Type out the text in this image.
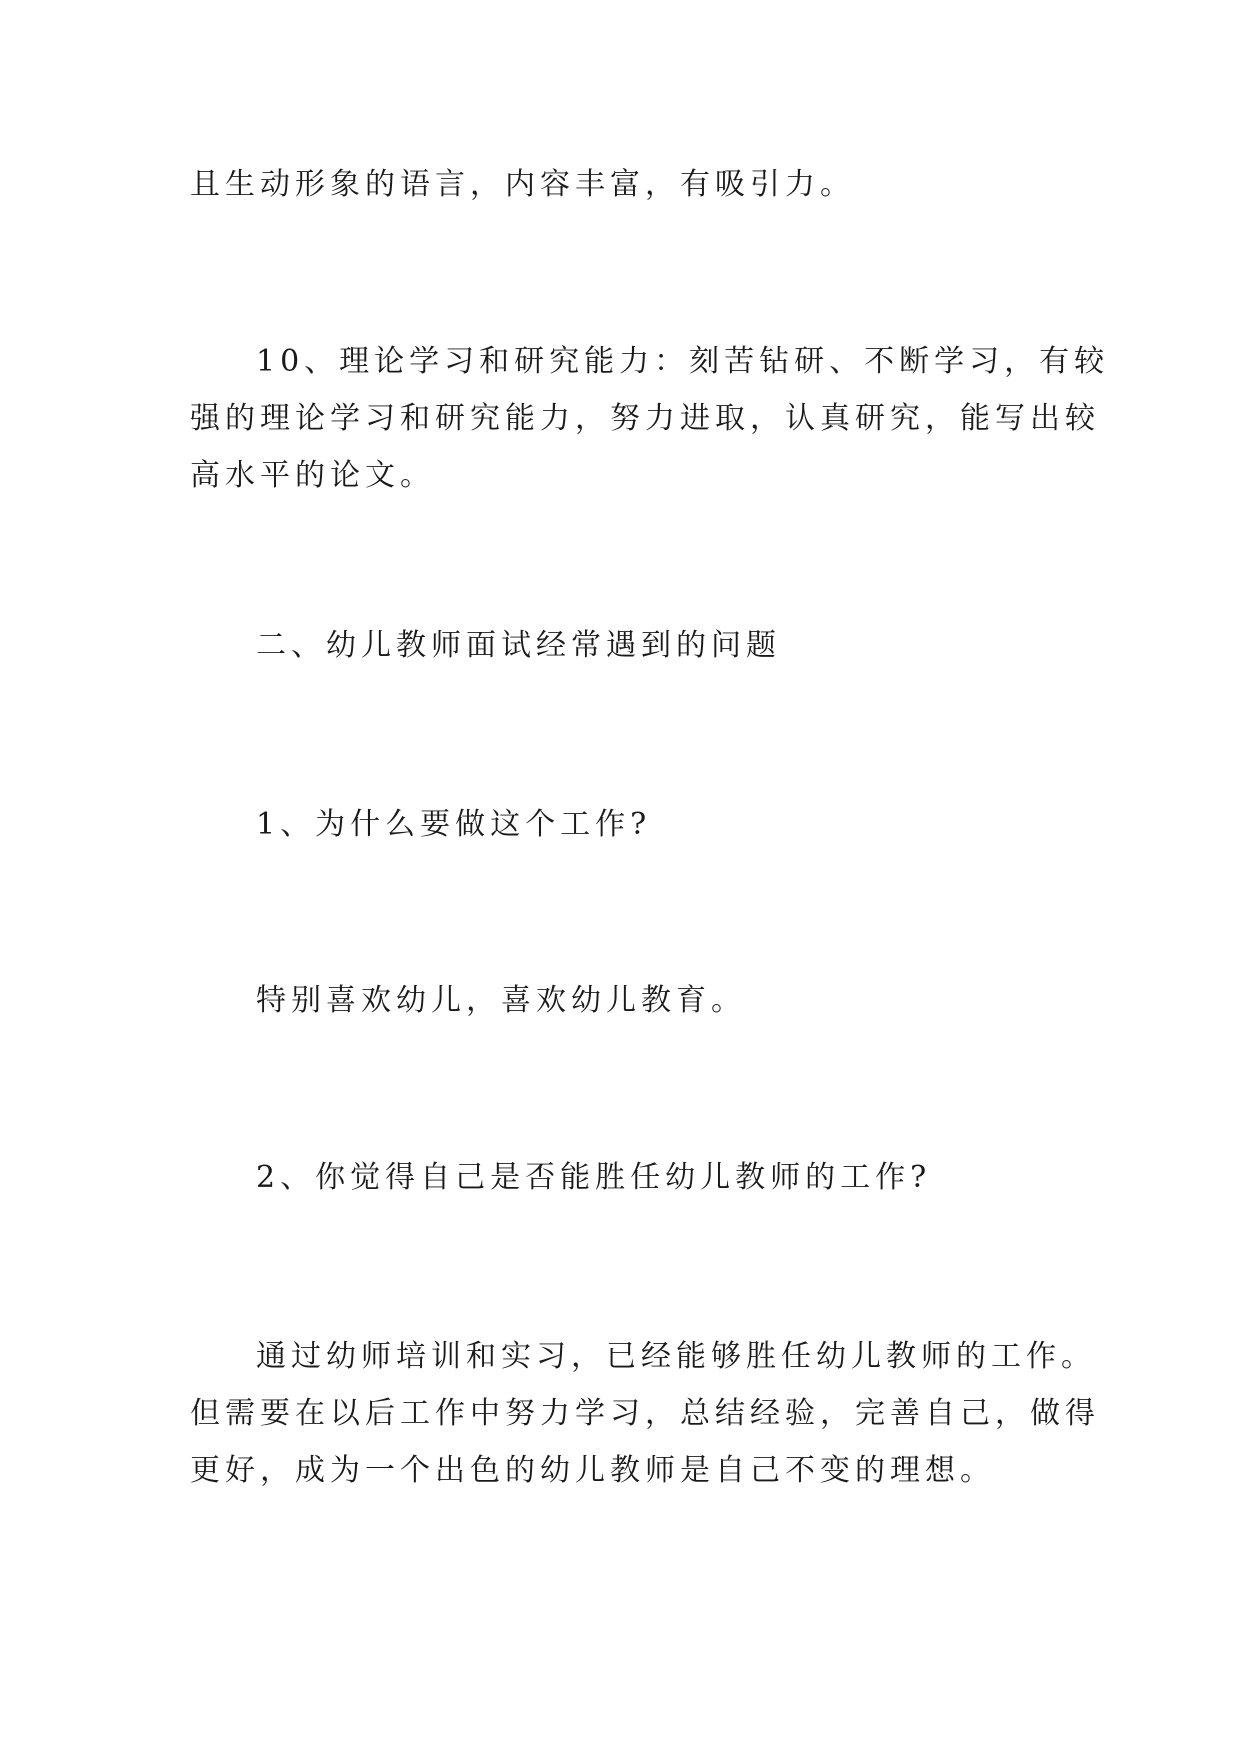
且生动形象的语言，内容丰富，有吸引力。

10、理论学习和研究能力：刻苦钻研、不断学习，有较
强的理论学习和研究能力，努力进取，认真研究，能写出较
高水平的论文。

二、幼儿教师面试经常遇到的问题

1、为什么要做这个工作?

特别喜欢幼儿，喜欢幼儿教育。

2、你觉得自己是否能胜任幼儿教师的工作?

通过幼师培训和实习，已经能够胜任幼儿教师的工作。
但需要在以后工作中努力学习，总结经验，完善自己，做得
更好，成为一个出色的幼儿教师是自己不变的理想。
